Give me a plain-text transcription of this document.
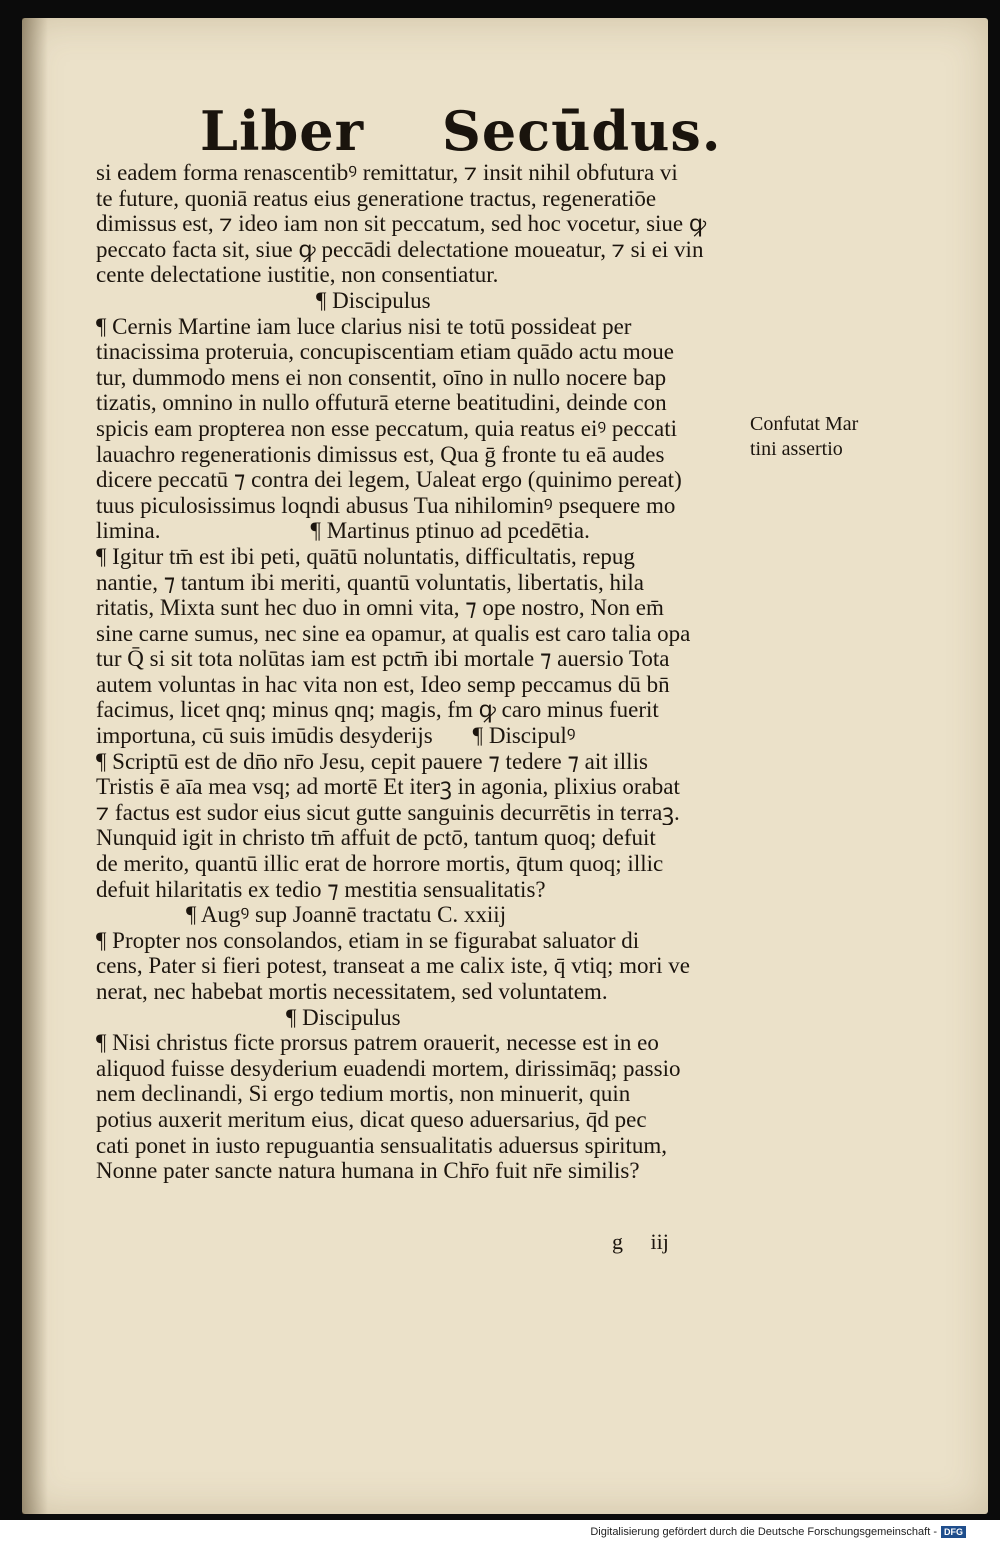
Liber Secūdus.
si eadem forma renascentibꝰ remittatur, ⁊ insit nihil obfutura vi
te future, quoniā reatus eius generatione tractus, regeneratiōe
dimissus est, ⁊ ideo iam non sit peccatum, sed hoc vocetur, siue ꝙ
peccato facta sit, siue ꝙ peccādi delectatione moueatur, ⁊ si ei vin
cente delectatione iustitie, non consentiatur.
¶ Discipulus
¶ Cernis Martine iam luce clarius nisi te totū possideat per
tinacissima proteruia, concupiscentiam etiam quādo actu moue
tur, dummodo mens ei non consentit, oīno in nullo nocere bap
tizatis, omnino in nullo offuturā eterne beatitudini, deinde con
spicis eam propterea non esse peccatum, quia reatus eiꝰ peccati
lauachro regenerationis dimissus est, Qua ḡ fronte tu eā audes
dicere peccatū ⁊ contra dei legem, Ualeat ergo (quinimo pereat)
tuus piculosissimus loqndi abusus Tua nihilominꝰ psequere mo
limina.	¶ Martinus ptinuo ad pcedētia.
¶ Igitur tm̄ est ibi peti, quātū noluntatis, difficultatis, repug
nantie, ⁊ tantum ibi meriti, quantū voluntatis, libertatis, hila
ritatis, Mixta sunt hec duo in omni vita, ⁊ ope nostro, Non em̄
sine carne sumus, nec sine ea opamur, at qualis est caro talia opa
tur Q̄ si sit tota nolūtas iam est pctm̄ ibi mortale ⁊ auersio Tota
autem voluntas in hac vita non est, Ideo semp peccamus dū bn̄
facimus, licet qnq; minus qnq; magis, fm ꝙ caro minus fuerit
importuna, cū suis imūdis desyderijs ¶ Discipulꝰ
¶ Scriptū est de dn̄o nr̄o Jesu, cepit pauere ⁊ tedere ⁊ ait illis
Tristis ē aīa mea vsq; ad mortē Et iterꝫ in agonia, plixius orabat
⁊ factus est sudor eius sicut gutte sanguinis decurrētis in terraꝫ.
Nunquid igit in christo tm̄ affuit de pctō, tantum quoq; defuit
de merito, quantū illic erat de horrore mortis, q̄tum quoq; illic
defuit hilaritatis ex tedio ⁊ mestitia sensualitatis?
¶ Augꝰ sup Joannē tractatu C. xxiij
¶ Propter nos consolandos, etiam in se figurabat saluator di
cens, Pater si fieri potest, transeat a me calix iste, q̄ vtiq; mori ve
nerat, nec habebat mortis necessitatem, sed voluntatem.
¶ Discipulus
¶ Nisi christus ficte prorsus patrem orauerit, necesse est in eo
aliquod fuisse desyderium euadendi mortem, dirissimāq; passio
nem declinandi, Si ergo tedium mortis, non minuerit, quin
potius auxerit meritum eius, dicat queso aduersarius, q̄d pec
cati ponet in iusto repuguantia sensualitatis aduersus spiritum,
Nonne pater sancte natura humana in Chr̄o fuit nr̄e similis?
Confutat Mar
tini assertio
g iij
Digitalisierung gefördert durch die Deutsche Forschungsgemeinschaft - DFG
